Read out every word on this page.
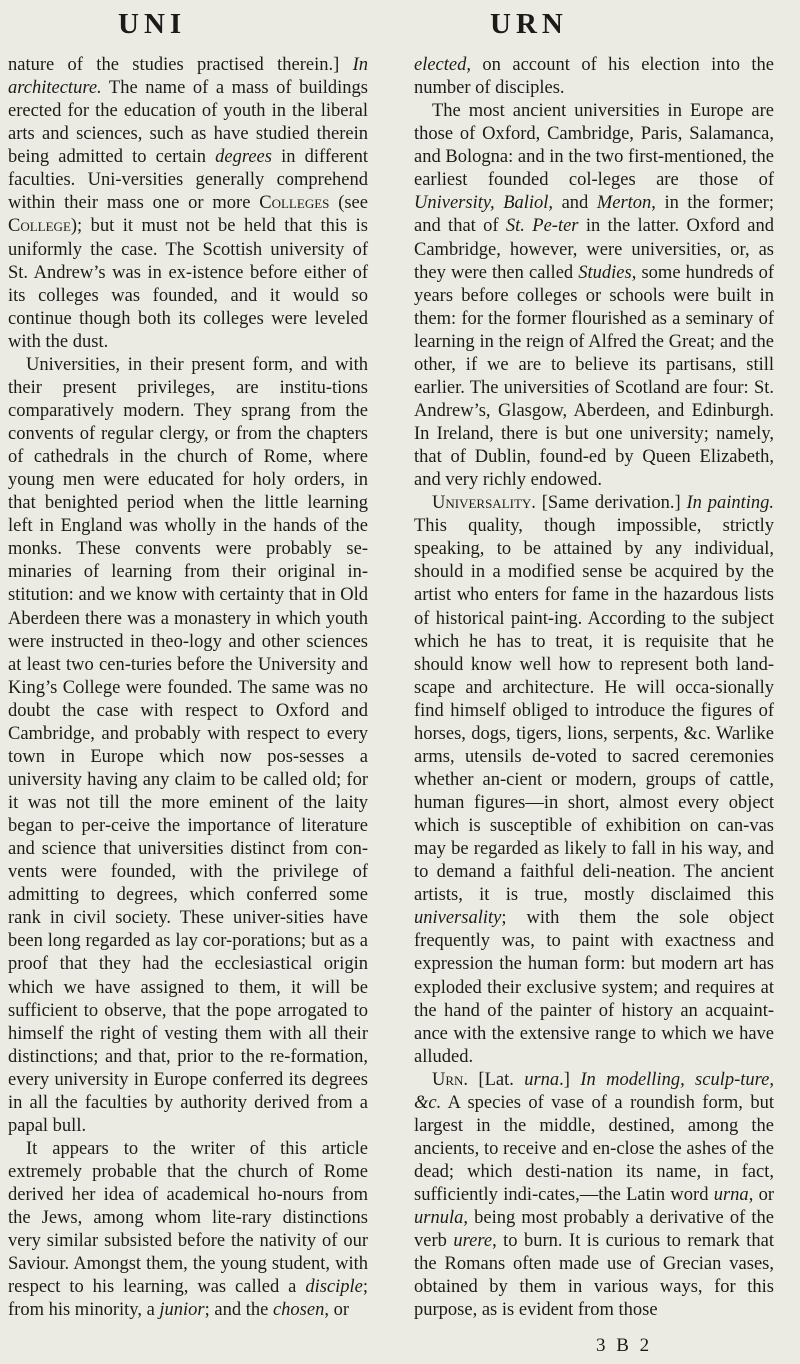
UNI	URN

nature of the studies practised therein.] In architecture. The name of a mass of buildings erected for the education of youth in the liberal arts and sciences, such as have studied therein being admitted to certain degrees in different faculties. Uni-versities generally comprehend within their mass one or more Colleges (see College); but it must not be held that this is uniformly the case. The Scottish university of St. Andrew’s was in ex-istence before either of its colleges was founded, and it would so continue though both its colleges were leveled with the dust.

Universities, in their present form, and with their present privileges, are institu-tions comparatively modern. They sprang from the convents of regular clergy, or from the chapters of cathedrals in the church of Rome, where young men were educated for holy orders, in that benighted period when the little learning left in England was wholly in the hands of the monks. These convents were probably se-minaries of learning from their original in-stitution: and we know with certainty that in Old Aberdeen there was a monastery in which youth were instructed in theo-logy and other sciences at least two cen-turies before the University and King’s College were founded. The same was no doubt the case with respect to Oxford and Cambridge, and probably with respect to every town in Europe which now pos-sesses a university having any claim to be called old; for it was not till the more eminent of the laity began to per-ceive the importance of literature and science that universities distinct from con-vents were founded, with the privilege of admitting to degrees, which conferred some rank in civil society. These univer-sities have been long regarded as lay cor-porations; but as a proof that they had the ecclesiastical origin which we have assigned to them, it will be sufficient to observe, that the pope arrogated to himself the right of vesting them with all their distinctions; and that, prior to the re-formation, every university in Europe conferred its degrees in all the faculties by authority derived from a papal bull.

It appears to the writer of this article extremely probable that the church of Rome derived her idea of academical ho-nours from the Jews, among whom lite-rary distinctions very similar subsisted before the nativity of our Saviour. Amongst them, the young student, with respect to his learning, was called a disciple; from his minority, a junior; and the chosen, or

elected, on account of his election into the number of disciples.

The most ancient universities in Europe are those of Oxford, Cambridge, Paris, Salamanca, and Bologna: and in the two first-mentioned, the earliest founded col-leges are those of University, Baliol, and Merton, in the former; and that of St. Pe-ter in the latter. Oxford and Cambridge, however, were universities, or, as they were then called Studies, some hundreds of years before colleges or schools were built in them: for the former flourished as a seminary of learning in the reign of Alfred the Great; and the other, if we are to believe its partisans, still earlier. The universities of Scotland are four: St. Andrew’s, Glasgow, Aberdeen, and Edinburgh. In Ireland, there is but one university; namely, that of Dublin, found-ed by Queen Elizabeth, and very richly endowed.

Universality. [Same derivation.] In painting. This quality, though impossible, strictly speaking, to be attained by any individual, should in a modified sense be acquired by the artist who enters for fame in the hazardous lists of historical paint-ing. According to the subject which he has to treat, it is requisite that he should know well how to represent both land-scape and architecture. He will occa-sionally find himself obliged to introduce the figures of horses, dogs, tigers, lions, serpents, &c. Warlike arms, utensils de-voted to sacred ceremonies whether an-cient or modern, groups of cattle, human figures—in short, almost every object which is susceptible of exhibition on can-vas may be regarded as likely to fall in his way, and to demand a faithful deli-neation. The ancient artists, it is true, mostly disclaimed this universality; with them the sole object frequently was, to paint with exactness and expression the human form: but modern art has exploded their exclusive system; and requires at the hand of the painter of history an acquaint-ance with the extensive range to which we have alluded.

Urn. [Lat. urna.] In modelling, sculp-ture, &c. A species of vase of a roundish form, but largest in the middle, destined, among the ancients, to receive and en-close the ashes of the dead; which desti-nation its name, in fact, sufficiently indi-cates,—the Latin word urna, or urnula, being most probably a derivative of the verb urere, to burn. It is curious to remark that the Romans often made use of Grecian vases, obtained by them in various ways, for this purpose, as is evident from those

3 B 2
